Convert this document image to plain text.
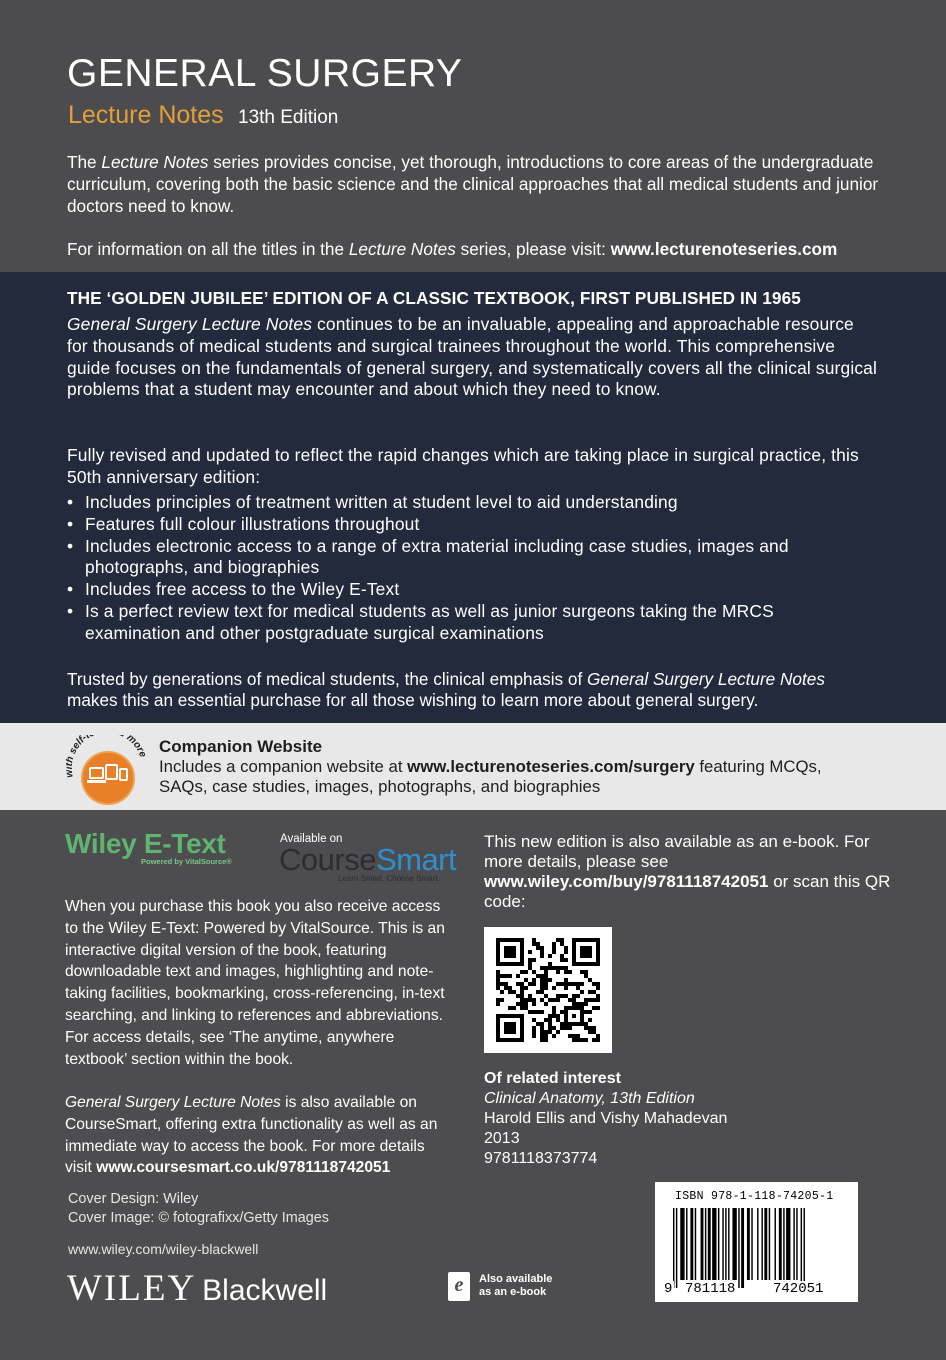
GENERAL SURGERY
Lecture Notes 13th Edition
The Lecture Notes series provides concise, yet thorough, introductions to core areas of the undergraduate curriculum, covering both the basic science and the clinical approaches that all medical students and junior doctors need to know.
For information on all the titles in the Lecture Notes series, please visit: www.lecturenoteseries.com
THE ‘GOLDEN JUBILEE’ EDITION OF A CLASSIC TEXTBOOK, FIRST PUBLISHED IN 1965
General Surgery Lecture Notes continues to be an invaluable, appealing and approachable resource for thousands of medical students and surgical trainees throughout the world. This comprehensive guide focuses on the fundamentals of general surgery, and systematically covers all the clinical surgical problems that a student may encounter and about which they need to know.
Fully revised and updated to reflect the rapid changes which are taking place in surgical practice, this 50th anniversary edition:
• Includes principles of treatment written at student level to aid understanding
• Features full colour illustrations throughout
• Includes electronic access to a range of extra material including case studies, images and photographs, and biographies
• Includes free access to the Wiley E-Text
• Is a perfect review text for medical students as well as junior surgeons taking the MRCS examination and other postgraduate surgical examinations
Trusted by generations of medical students, the clinical emphasis of General Surgery Lecture Notes makes this an essential purchase for all those wishing to learn more about general surgery.
self-t more Companion Website
Includes a companion website at www.lecturenoteseries.com/surgery featuring MCQs, SAQs, case studies, images, photographs, and biographies
Wiley E-Text
Powered by VitalSource®
Available on
CourseSmart
Learn Smart. Choose Smart.
When you purchase this book you also receive access to the Wiley E-Text: Powered by VitalSource. This is an interactive digital version of the book, featuring downloadable text and images, highlighting and note-taking facilities, bookmarking, cross-referencing, in-text searching, and linking to references and abbreviations. For access details, see ‘The anytime, anywhere textbook’ section within the book.
General Surgery Lecture Notes is also available on CourseSmart, offering extra functionality as well as an immediate way to access the book. For more details visit www.coursesmart.co.uk/9781118742051
Cover Design: Wiley
Cover Image: © fotografixx/Getty Images
www.wiley.com/wiley-blackwell
WILEY Blackwell	e	Also available
as an e-book
This new edition is also available as an e-book. For more details, please see www.wiley.com/buy/9781118742051 or scan this QR code:
Of related interest
Clinical Anatomy, 13th Edition
Harold Ellis and Vishy Mahadevan
2013
9781118373774
ISBN 978-1-118-74205-1
9 781118	742051
